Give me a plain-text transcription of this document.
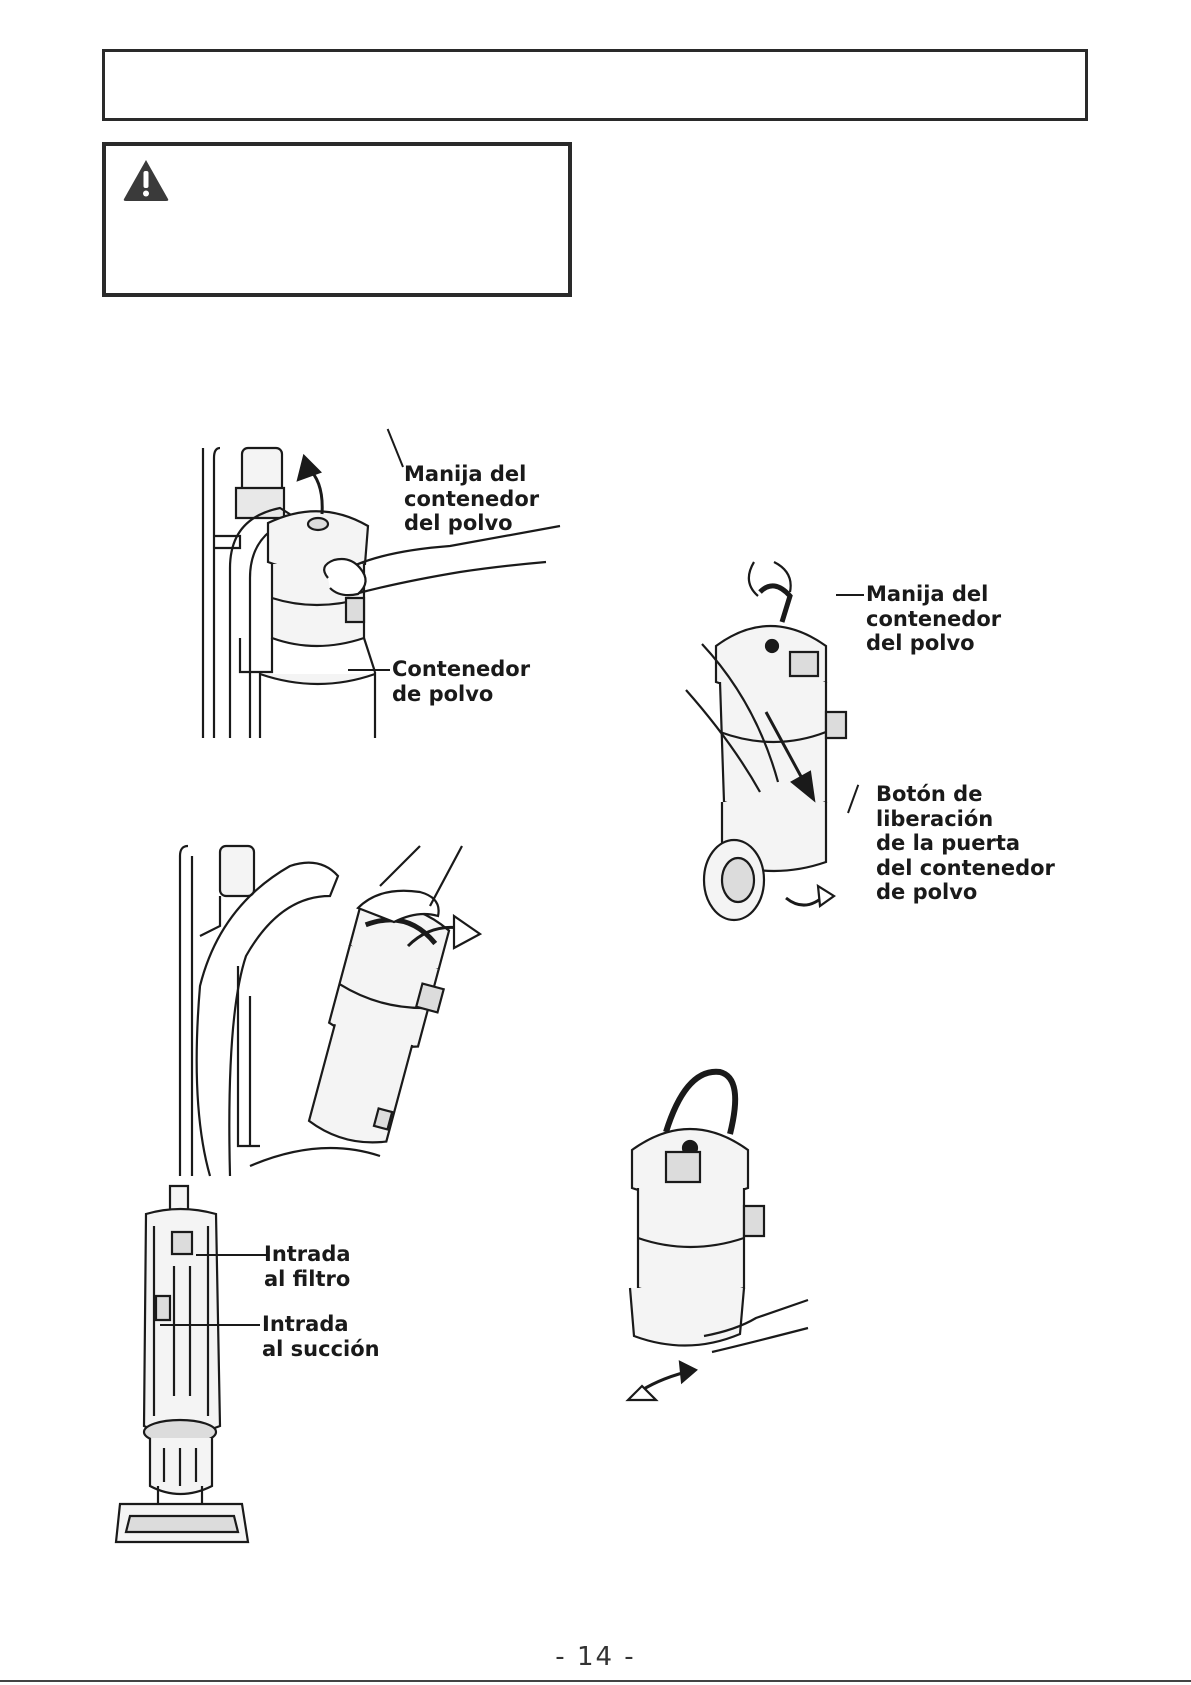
Manija del
contenedor
del polvo
Contenedor
de polvo
Intrada
al filtro
Intrada
al succión
Manija del
contenedor
del polvo
Botón de
liberación
de la puerta
del contenedor
de polvo
- 14 -
